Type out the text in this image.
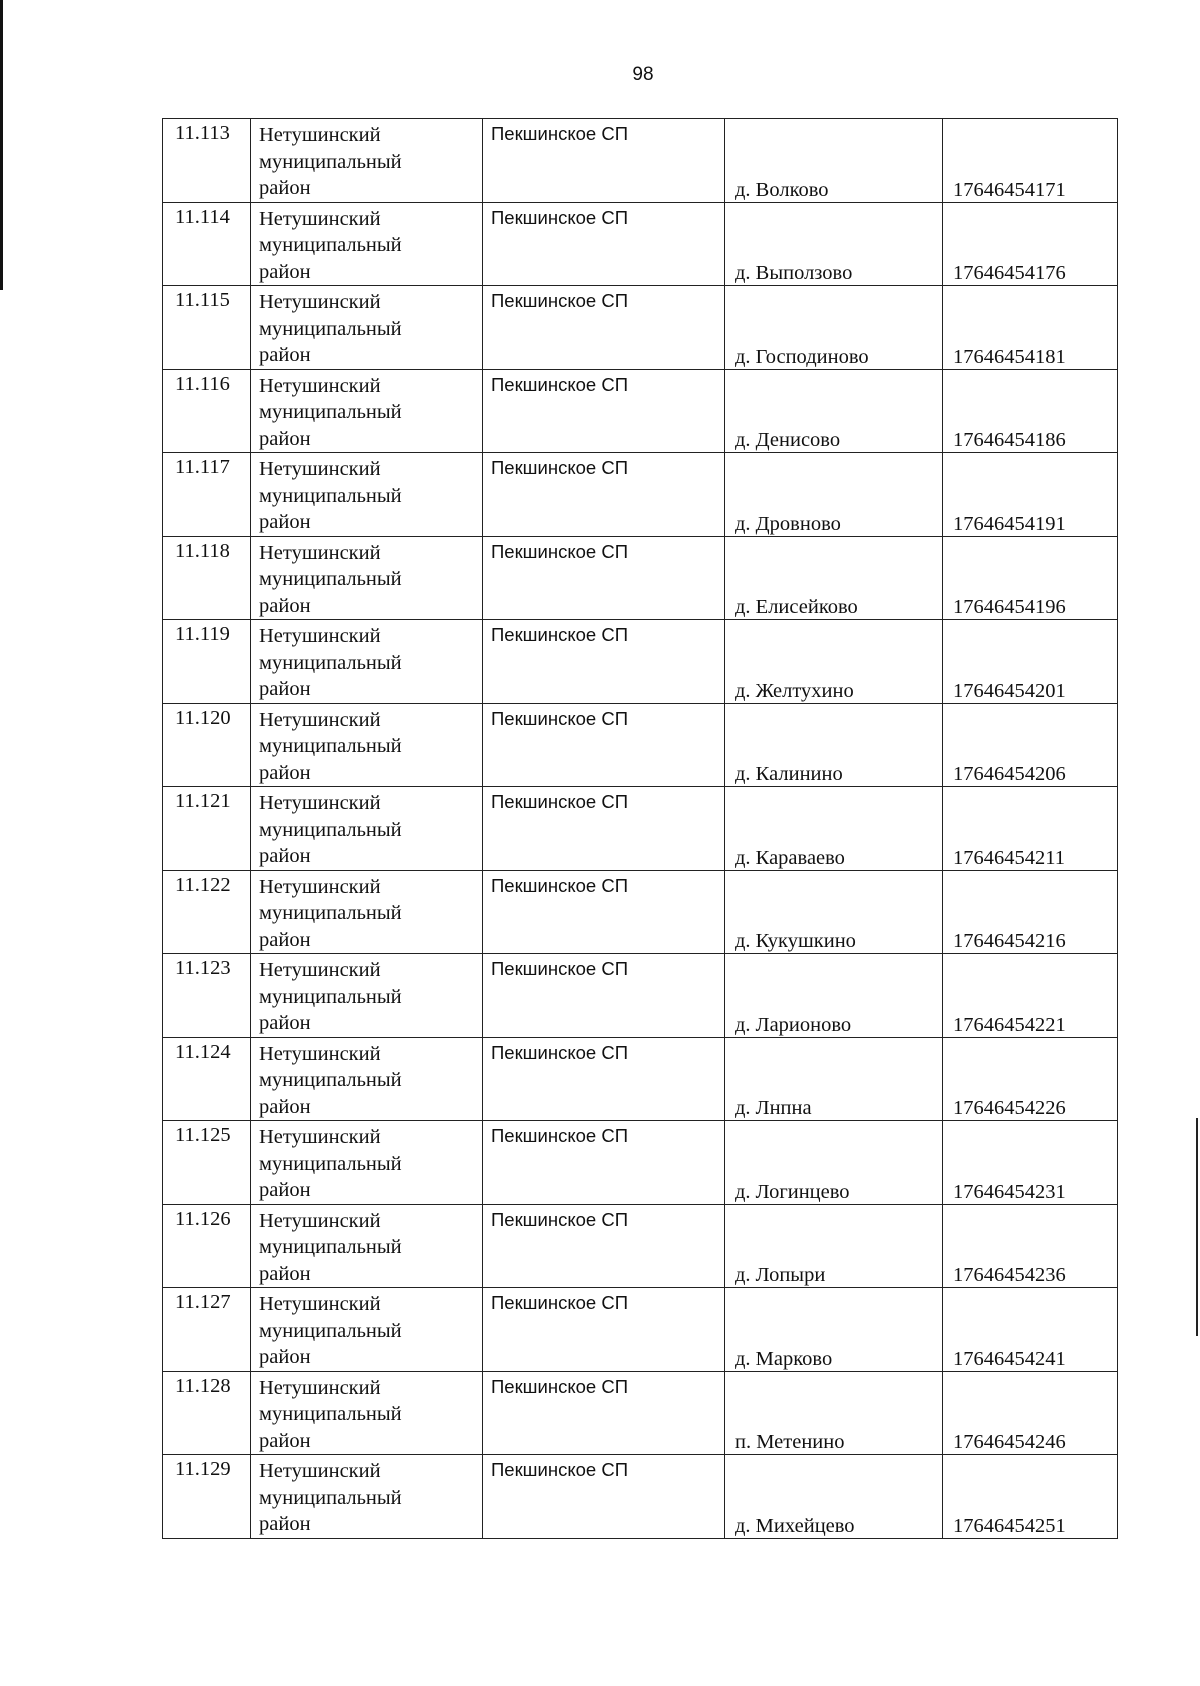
98
11.113	Нетушинский
муниципальный
район	Пекшинское СП	д. Волково	17646454171

11.114	Нетушинский
муниципальный
район	Пекшинское СП	д. Выползово	17646454176

11.115	Нетушинский
муниципальный
район	Пекшинское СП	д. Господиново	17646454181

11.116	Нетушинский
муниципальный
район	Пекшинское СП	д. Денисово	17646454186

11.117	Нетушинский
муниципальный
район	Пекшинское СП	д. Дровново	17646454191

11.118	Нетушинский
муниципальный
район	Пекшинское СП	д. Елисейково	17646454196

11.119	Нетушинский
муниципальный
район	Пекшинское СП	д. Желтухино	17646454201

11.120	Нетушинский
муниципальный
район	Пекшинское СП	д. Калинино	17646454206

11.121	Нетушинский
муниципальный
район	Пекшинское СП	д. Караваево	17646454211

11.122	Нетушинский
муниципальный
район	Пекшинское СП	д. Кукушкино	17646454216

11.123	Нетушинский
муниципальный
район	Пекшинское СП	д. Ларионово	17646454221

11.124	Нетушинский
муниципальный
район	Пекшинское СП	д. Лнпна	17646454226

11.125	Нетушинский
муниципальный
район	Пекшинское СП	д. Логинцево	17646454231

11.126	Нетушинский
муниципальный
район	Пекшинское СП	д. Лопыри	17646454236

11.127	Нетушинский
муниципальный
район	Пекшинское СП	д. Марково	17646454241

11.128	Нетушинский
муниципальный
район	Пекшинское СП	п. Метенино	17646454246

11.129	Нетушинский
муниципальный
район	Пекшинское СП	д. Михейцево	17646454251
